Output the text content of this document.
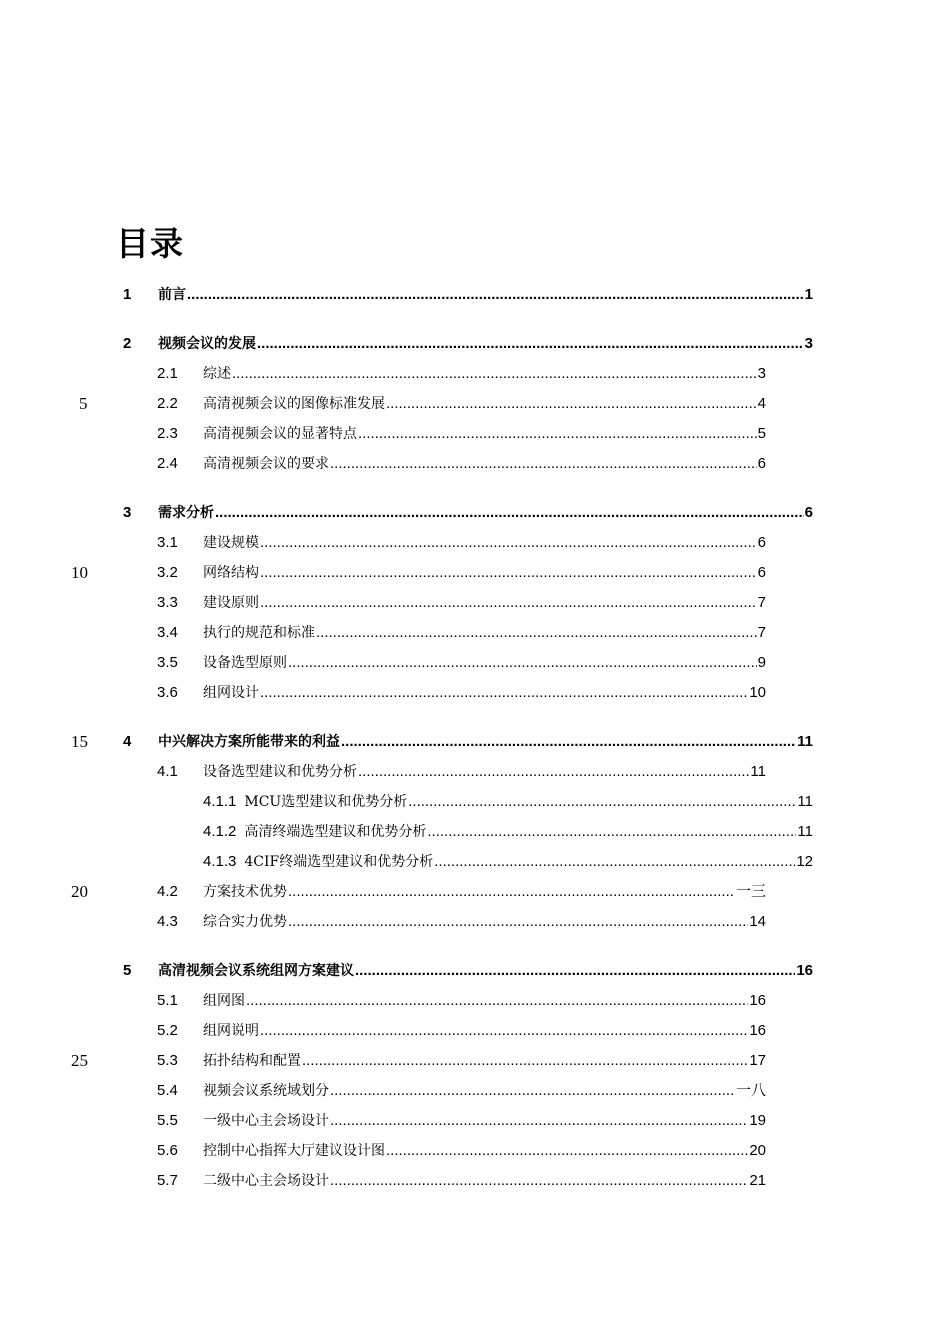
目录
1 前言 .....	1
2 视频会议的发展 .....	3
2.1 综述 .....	3
2.2 高清视频会议的图像标准发展 .....	4
2.3 高清视频会议的显著特点 .....	5
2.4 高清视频会议的要求 .....	6
3 需求分析 .....	6
3.1 建设规模 .....	6
3.2 网络结构 .....	6
3.3 建设原则 .....	7
3.4 执行的规范和标准 .....	7
3.5 设备选型原则 .....	9
3.6 组网设计 .....	10
4 中兴解决方案所能带来的利益 .....	11
4.1 设备选型建议和优势分析 .....	11
4.1.1 MCU选型建议和优势分析 .....	11
4.1.2 高清终端选型建议和优势分析 .....	11
4.1.3 4CIF终端选型建议和优势分析 .....	12
4.2 方案技术优势 .....	一三
4.3 综合实力优势 .....	14
5 高清视频会议系统组网方案建议 .....	16
5.1 组网图 .....	16
5.2 组网说明 .....	16
5.3 拓扑结构和配置 .....	17
5.4 视频会议系统域划分 .....	一八
5.5 一级中心主会场设计 .....	19
5.6 控制中心指挥大厅建议设计图 .....	20
5.7 二级中心主会场设计 .....	21
5
10
15
20
25
